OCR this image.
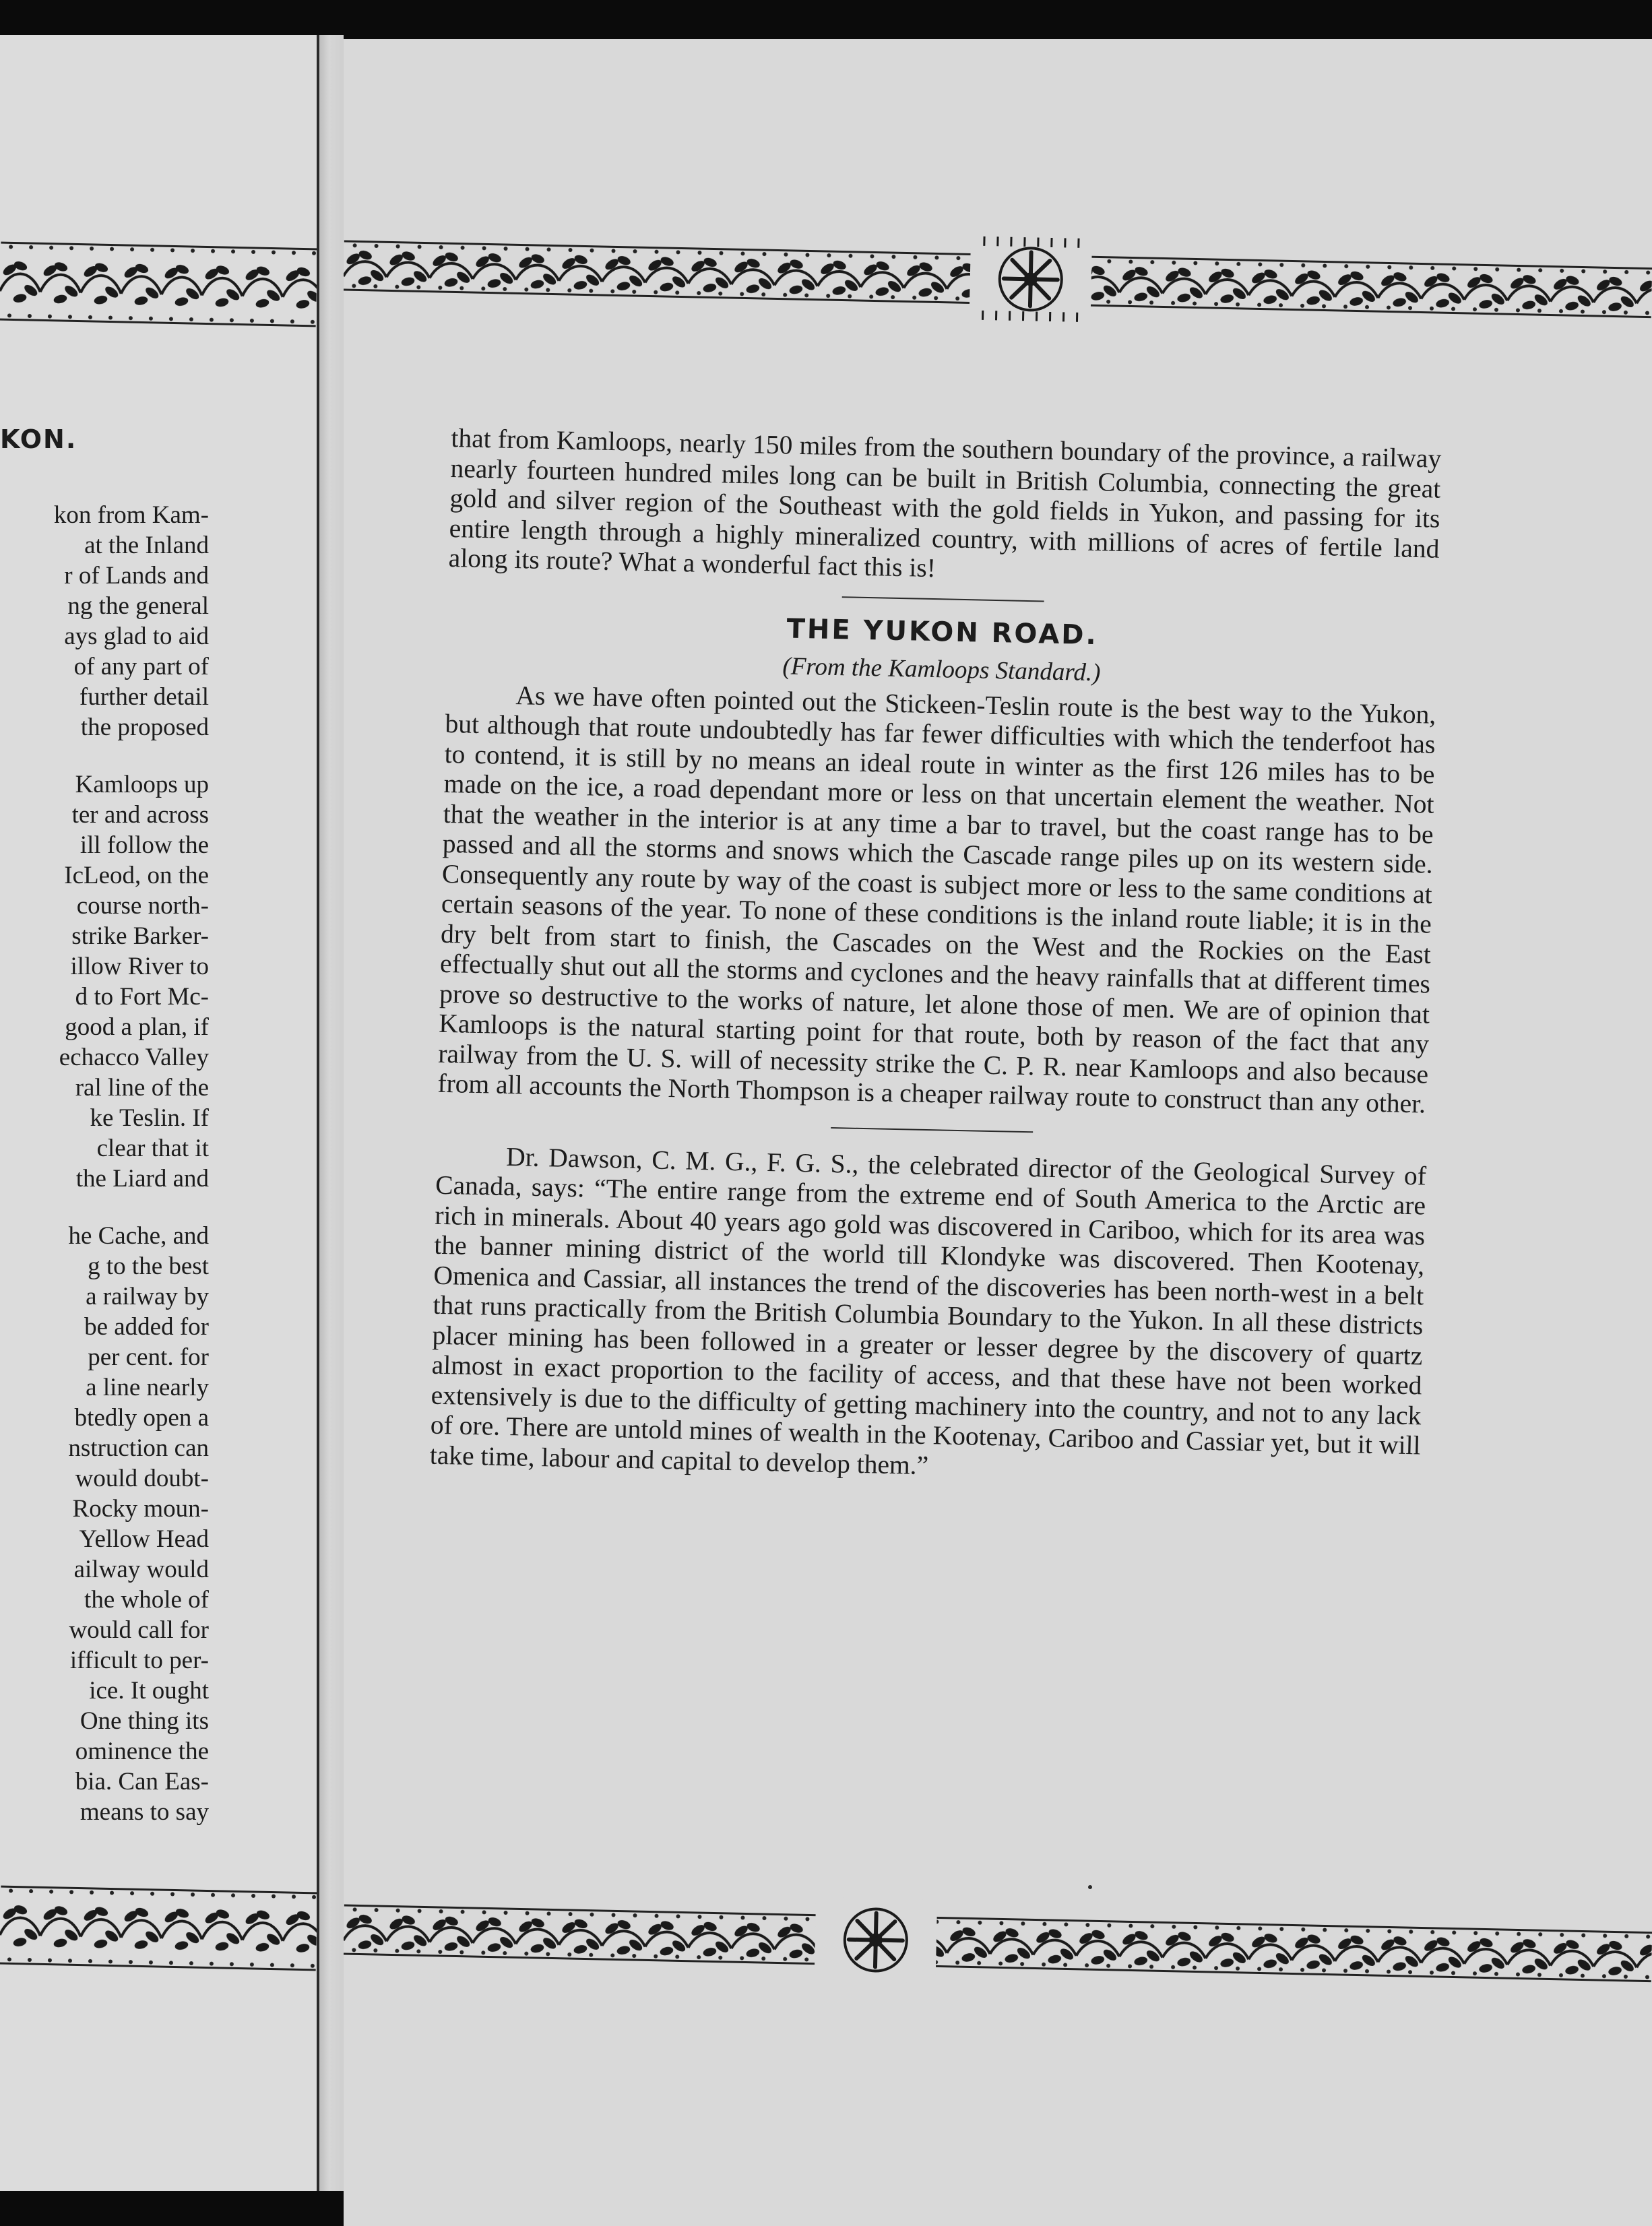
KON.
kon from Kam-
at the Inland
r of Lands and
ng the general
ays glad to aid
of any part of
further detail
the proposed
Kamloops up
ter and across
ill follow the
IcLeod, on the
course north-
strike Barker-
illow River to
d to Fort Mc-
good a plan, if
echacco Valley
ral line of the
ke Teslin. If
clear that it
the Liard and
he Cache, and
g to the best
a railway by
be added for
per cent. for
a line nearly
btedly open a
nstruction can
would doubt-
Rocky moun-
Yellow Head
ailway would
the whole of
would call for
ifficult to per-
ice. It ought
One thing its
ominence the
bia. Can Eas-
means to say

that from Kamloops, nearly 150 miles from the southern boundary of the province, a railway nearly fourteen hundred miles long can be built in British Columbia, connecting the great gold and silver region of the Southeast with the gold fields in Yukon, and passing for its entire length through a highly mineralized country, with millions of acres of fertile land along its route? What a wonderful fact this is!

THE YUKON ROAD.
(From the Kamloops Standard.)

As we have often pointed out the Stickeen-Teslin route is the best way to the Yukon, but although that route undoubtedly has far fewer difficulties with which the tenderfoot has to contend, it is still by no means an ideal route in winter as the first 126 miles has to be made on the ice, a road dependant more or less on that uncertain element the weather. Not that the weather in the interior is at any time a bar to travel, but the coast range has to be passed and all the storms and snows which the Cascade range piles up on its western side. Consequently any route by way of the coast is subject more or less to the same conditions at certain seasons of the year. To none of these conditions is the inland route liable; it is in the dry belt from start to finish, the Cascades on the West and the Rockies on the East effectually shut out all the storms and cyclones and the heavy rainfalls that at different times prove so destructive to the works of nature, let alone those of men. We are of opinion that Kamloops is the natural starting point for that route, both by reason of the fact that any railway from the U. S. will of necessity strike the C. P. R. near Kamloops and also because from all accounts the North Thompson is a cheaper railway route to construct than any other.

Dr. Dawson, C. M. G., F. G. S., the celebrated director of the Geological Survey of Canada, says: “The entire range from the extreme end of South America to the Arctic are rich in minerals. About 40 years ago gold was discovered in Cariboo, which for its area was the banner mining district of the world till Klondyke was discovered. Then Kootenay, Omenica and Cassiar, all instances the trend of the discoveries has been north-west in a belt that runs practically from the British Columbia Boundary to the Yukon. In all these districts placer mining has been followed in a greater or lesser degree by the discovery of quartz almost in exact proportion to the facility of access, and that these have not been worked extensively is due to the difficulty of getting machinery into the country, and not to any lack of ore. There are untold mines of wealth in the Kootenay, Cariboo and Cassiar yet, but it will take time, labour and capital to develop them.”
